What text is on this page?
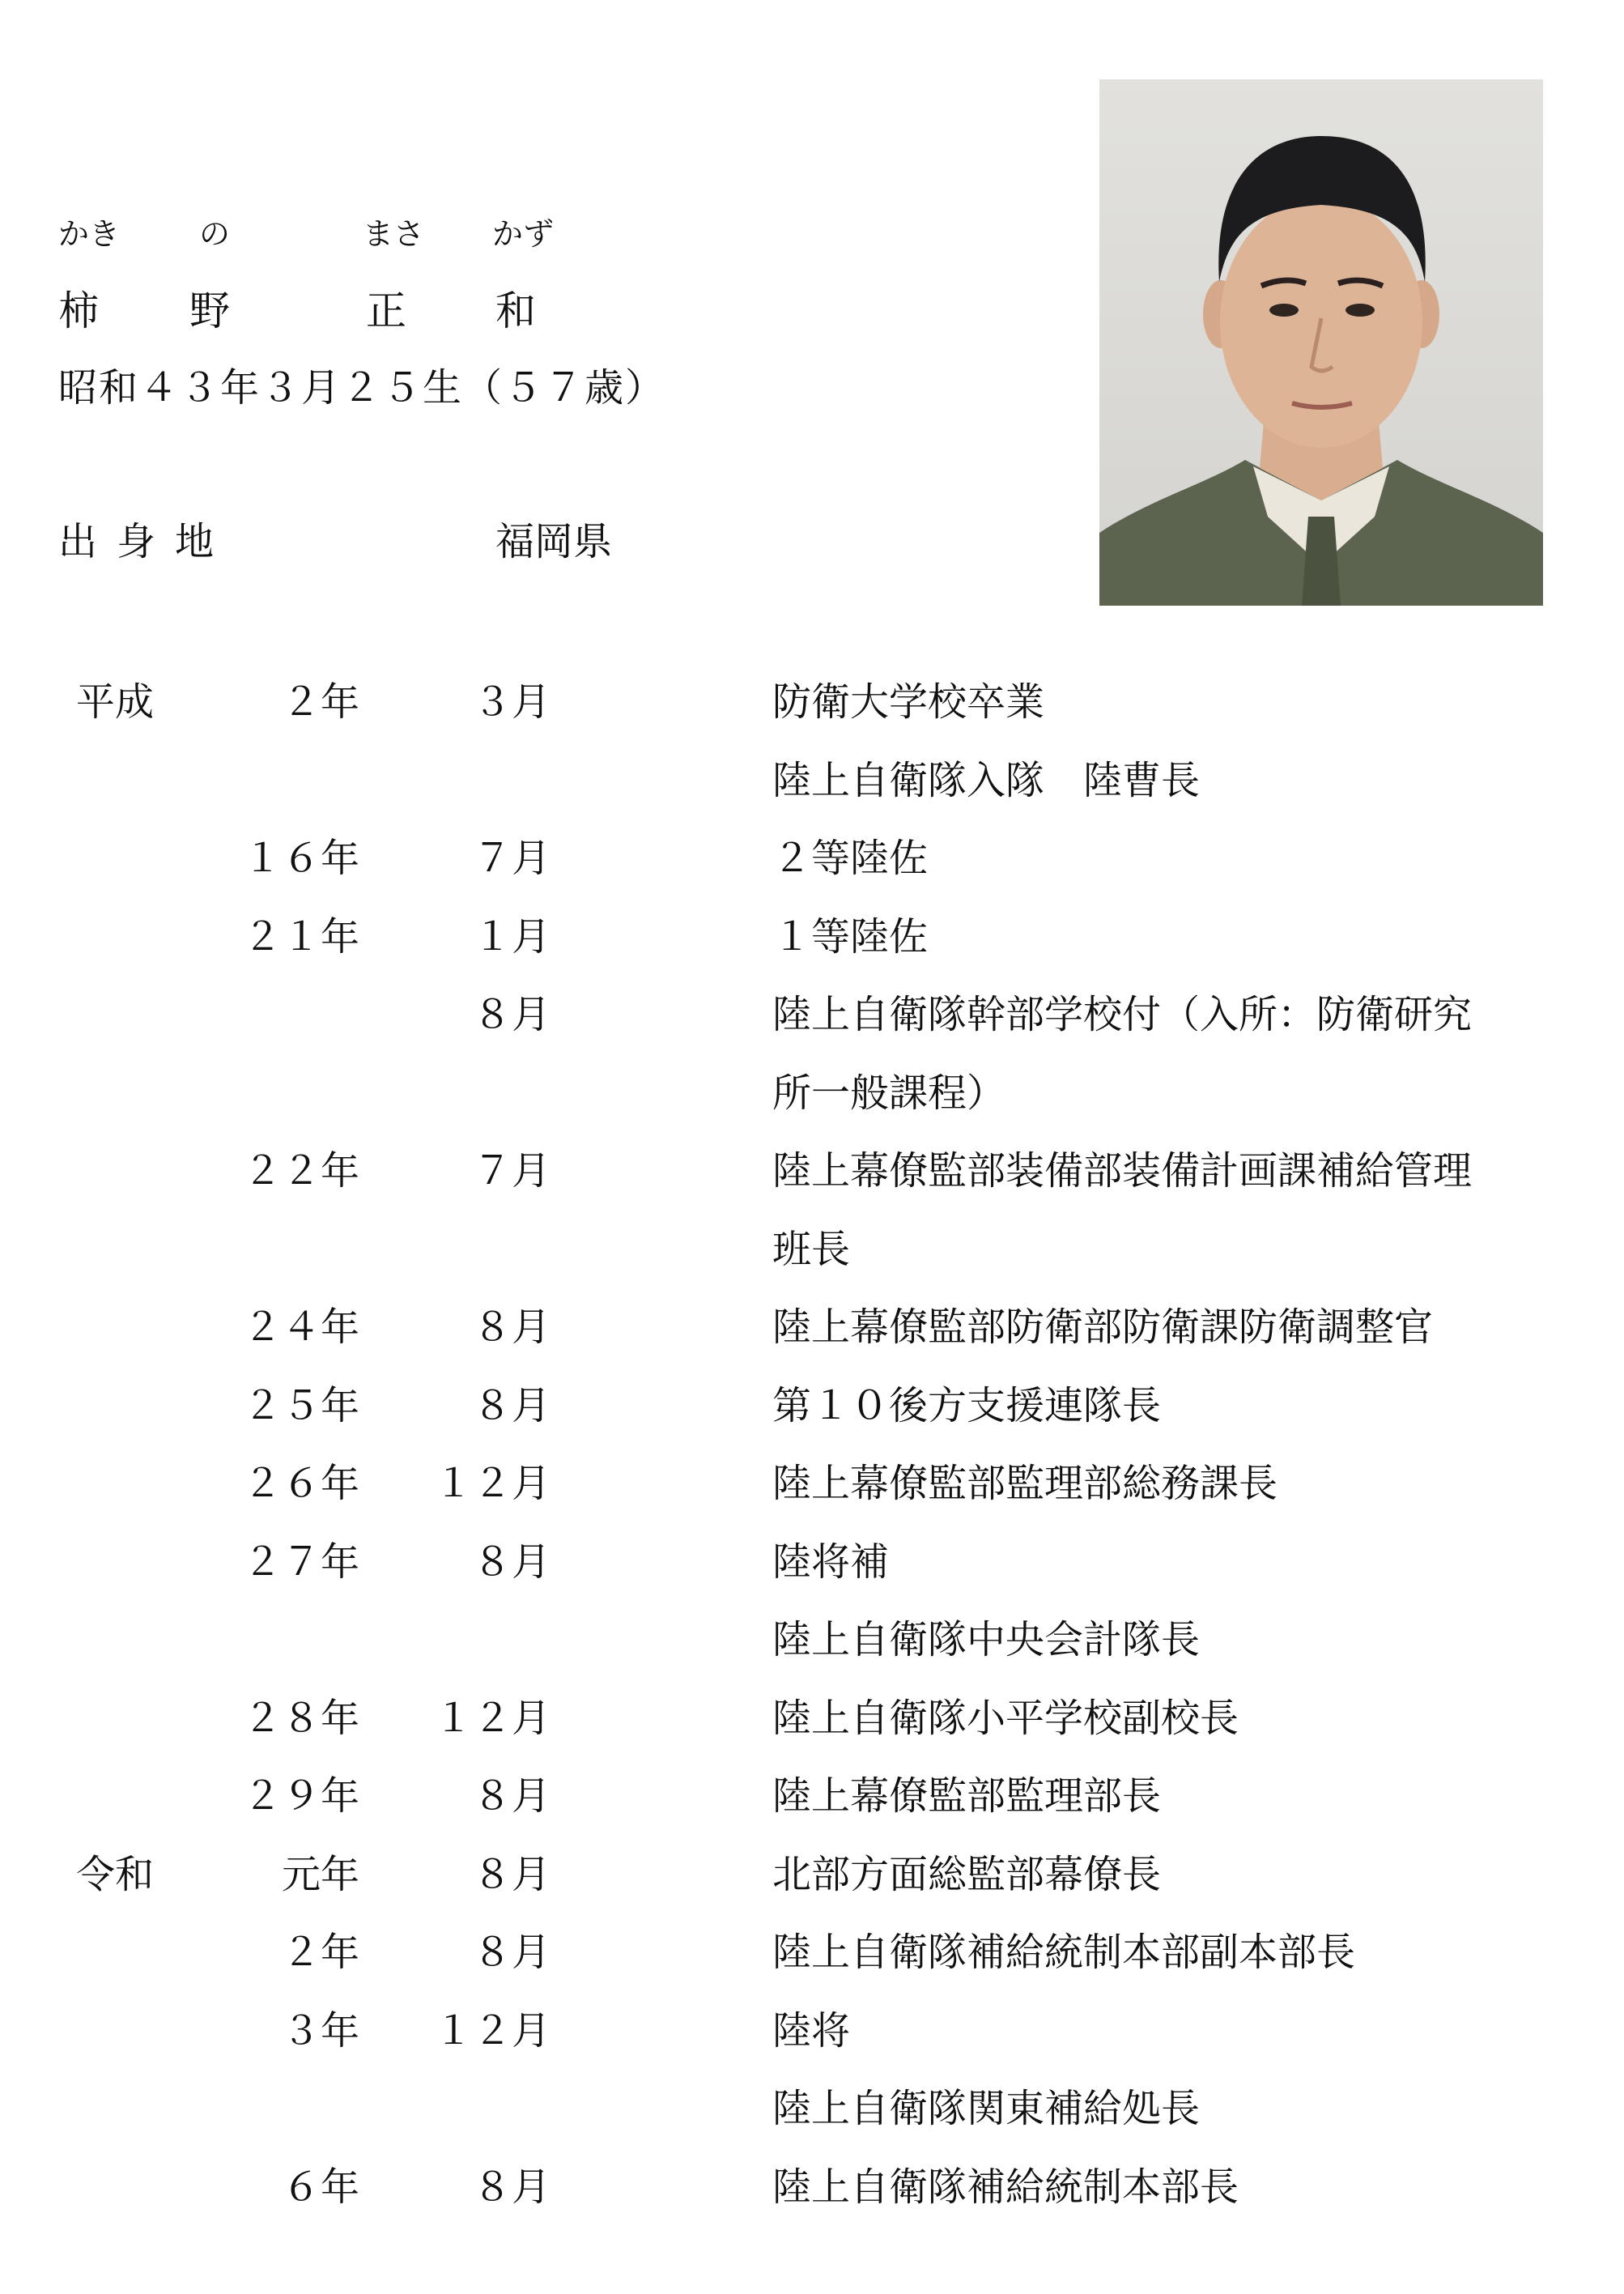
かき	の	まさ かず
柿 野	正 和
昭和４３年３月２５生（５７歳）
出身地	福岡県
平成	２年	３月	防衛大学校卒業
陸上自衛隊入隊　陸曹長
１６年	７月	２等陸佐
２１年	１月	１等陸佐
８月	陸上自衛隊幹部学校付（入所：防衛研究
所一般課程）
２２年	７月	陸上幕僚監部装備部装備計画課補給管理
班長
２４年	８月	陸上幕僚監部防衛部防衛課防衛調整官
２５年	８月	第１０後方支援連隊長
２６年 １２月	陸上幕僚監部監理部総務課長
２７年	８月	陸将補
陸上自衛隊中央会計隊長
２８年 １２月	陸上自衛隊小平学校副校長
２９年	８月	陸上幕僚監部監理部長
令和	元年	８月	北部方面総監部幕僚長
２年	８月	陸上自衛隊補給統制本部副本部長
３年 １２月	陸将
陸上自衛隊関東補給処長
６年	８月	陸上自衛隊補給統制本部長
